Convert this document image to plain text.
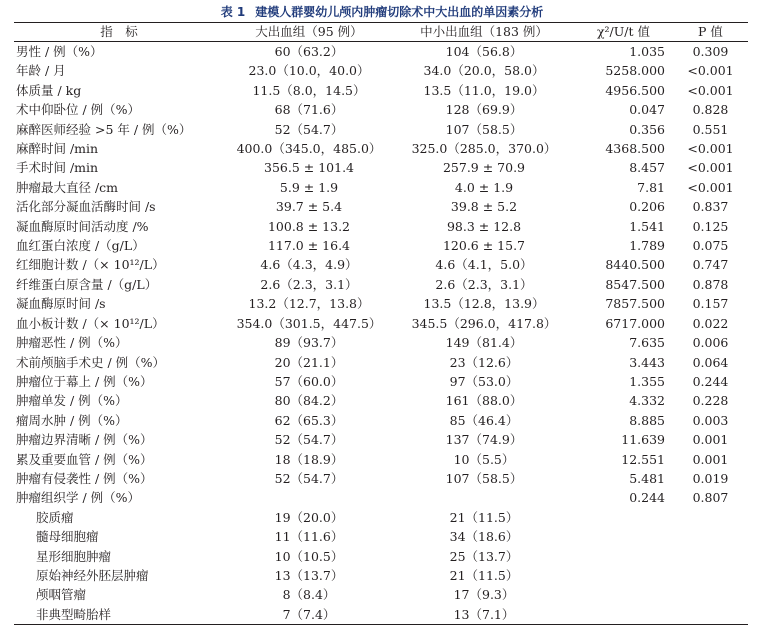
表 1 建模人群婴幼儿颅内肿瘤切除术中大出血的单因素分析
指　标	大出血组（95 例）	中小出血组（183 例）	χ²/U/t 值	P 值
男性 / 例（%）	60（63.2）	104（56.8）	1.035	0.309
年龄 / 月	23.0（10.0，40.0）	34.0（20.0，58.0）	5258.000	<0.001
体质量 / kg	11.5（8.0，14.5）	13.5（11.0，19.0）	4956.500	<0.001
术中仰卧位 / 例（%）	68（71.6）	128（69.9）	0.047	0.828
麻醉医师经验 >5 年 / 例（%）	52（54.7）	107（58.5）	0.356	0.551
麻醉时间 /min	400.0（345.0，485.0）	325.0（285.0，370.0）	4368.500	<0.001
手术时间 /min	356.5 ± 101.4	257.9 ± 70.9	8.457	<0.001
肿瘤最大直径 /cm	5.9 ± 1.9	4.0 ± 1.9	7.81	<0.001
活化部分凝血活酶时间 /s	39.7 ± 5.4	39.8 ± 5.2	0.206	0.837
凝血酶原时间活动度 /%	100.8 ± 13.2	98.3 ± 12.8	1.541	0.125
血红蛋白浓度 /（g/L）	117.0 ± 16.4	120.6 ± 15.7	1.789	0.075
红细胞计数 /（× 10¹²/L）	4.6（4.3，4.9）	4.6（4.1，5.0）	8440.500	0.747
纤维蛋白原含量 /（g/L）	2.6（2.3，3.1）	2.6（2.3，3.1）	8547.500	0.878
凝血酶原时间 /s	13.2（12.7，13.8）	13.5（12.8，13.9）	7857.500	0.157
血小板计数 /（× 10¹²/L）	354.0（301.5，447.5）	345.5（296.0，417.8）	6717.000	0.022
肿瘤恶性 / 例（%）	89（93.7）	149（81.4）	7.635	0.006
术前颅脑手术史 / 例（%）	20（21.1）	23（12.6）	3.443	0.064
肿瘤位于幕上 / 例（%）	57（60.0）	97（53.0）	1.355	0.244
肿瘤单发 / 例（%）	80（84.2）	161（88.0）	4.332	0.228
瘤周水肿 / 例（%）	62（65.3）	85（46.4）	8.885	0.003
肿瘤边界清晰 / 例（%）	52（54.7）	137（74.9）	11.639	0.001
累及重要血管 / 例（%）	18（18.9）	10（5.5）	12.551	0.001
肿瘤有侵袭性 / 例（%）	52（54.7）	107（58.5）	5.481	0.019
肿瘤组织学 / 例（%）			0.244	0.807
胶质瘤	19（20.0）	21（11.5）		
髓母细胞瘤	11（11.6）	34（18.6）		
星形细胞肿瘤	10（10.5）	25（13.7）		
原始神经外胚层肿瘤	13（13.7）	21（11.5）		
颅咽管瘤	8（8.4）	17（9.3）		
非典型畸胎样	7（7.4）	13（7.1）		
